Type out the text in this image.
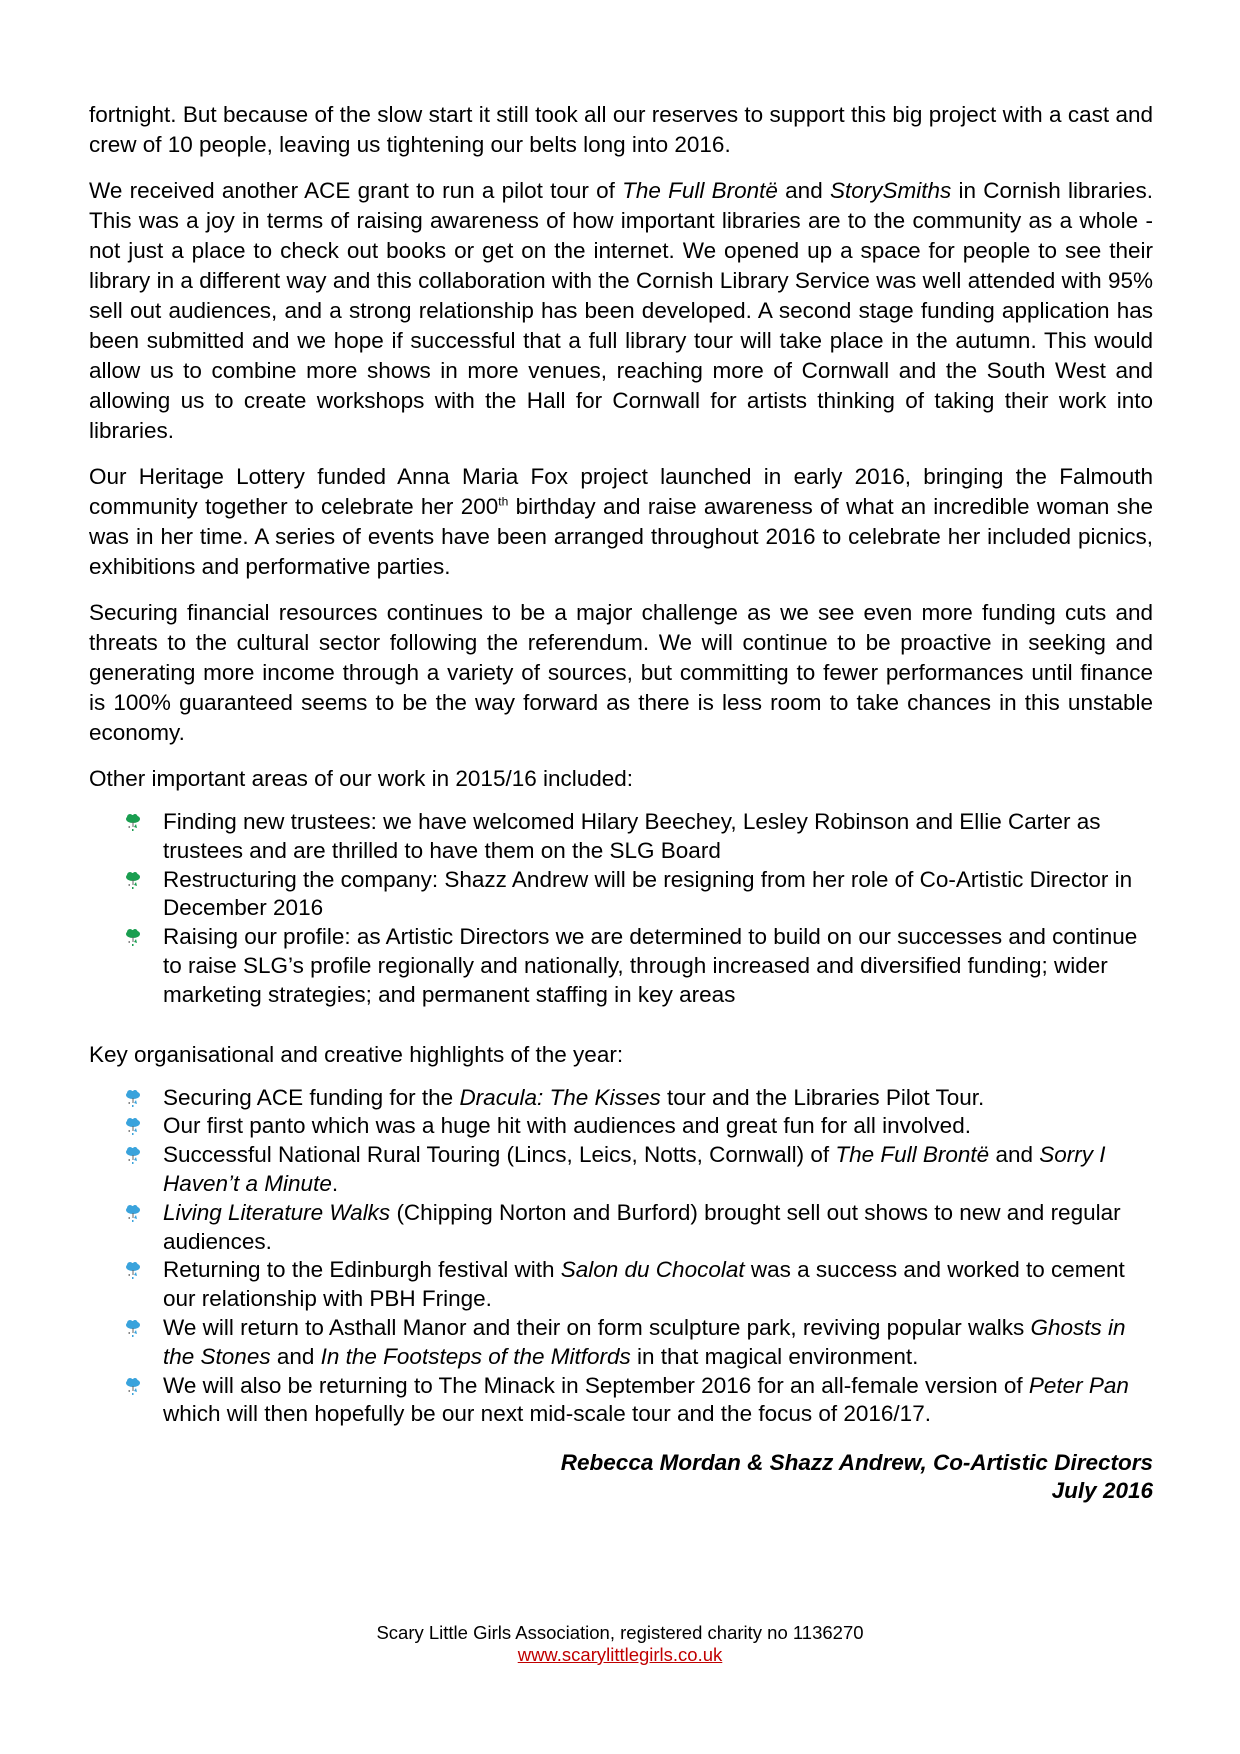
fortnight. But because of the slow start it still took all our reserves to support this big project with a cast and crew of 10 people, leaving us tightening our belts long into 2016.

We received another ACE grant to run a pilot tour of The Full Brontë and StorySmiths in Cornish libraries. This was a joy in terms of raising awareness of how important libraries are to the community as a whole - not just a place to check out books or get on the internet. We opened up a space for people to see their library in a different way and this collaboration with the Cornish Library Service was well attended with 95% sell out audiences, and a strong relationship has been developed. A second stage funding application has been submitted and we hope if successful that a full library tour will take place in the autumn. This would allow us to combine more shows in more venues, reaching more of Cornwall and the South West and allowing us to create workshops with the Hall for Cornwall for artists thinking of taking their work into libraries.

Our Heritage Lottery funded Anna Maria Fox project launched in early 2016, bringing the Falmouth community together to celebrate her 200th birthday and raise awareness of what an incredible woman she was in her time. A series of events have been arranged throughout 2016 to celebrate her included picnics, exhibitions and performative parties.

Securing financial resources continues to be a major challenge as we see even more funding cuts and threats to the cultural sector following the referendum. We will continue to be proactive in seeking and generating more income through a variety of sources, but committing to fewer performances until finance is 100% guaranteed seems to be the way forward as there is less room to take chances in this unstable economy.

Other important areas of our work in 2015/16 included:

Finding new trustees: we have welcomed Hilary Beechey, Lesley Robinson and Ellie Carter as trustees and are thrilled to have them on the SLG Board
Restructuring the company: Shazz Andrew will be resigning from her role of Co-Artistic Director in December 2016
Raising our profile: as Artistic Directors we are determined to build on our successes and continue to raise SLG’s profile regionally and nationally, through increased and diversified funding; wider marketing strategies; and permanent staffing in key areas

Key organisational and creative highlights of the year:

Securing ACE funding for the Dracula: The Kisses tour and the Libraries Pilot Tour.
Our first panto which was a huge hit with audiences and great fun for all involved.
Successful National Rural Touring (Lincs, Leics, Notts, Cornwall) of The Full Brontë and Sorry I Haven’t a Minute.
Living Literature Walks (Chipping Norton and Burford) brought sell out shows to new and regular audiences.
Returning to the Edinburgh festival with Salon du Chocolat was a success and worked to cement our relationship with PBH Fringe.
We will return to Asthall Manor and their on form sculpture park, reviving popular walks Ghosts in the Stones and In the Footsteps of the Mitfords in that magical environment.
We will also be returning to The Minack in September 2016 for an all-female version of Peter Pan which will then hopefully be our next mid-scale tour and the focus of 2016/17.
Rebecca Mordan & Shazz Andrew, Co-Artistic Directors
July 2016
Scary Little Girls Association, registered charity no 1136270
www.scarylittlegirls.co.uk
